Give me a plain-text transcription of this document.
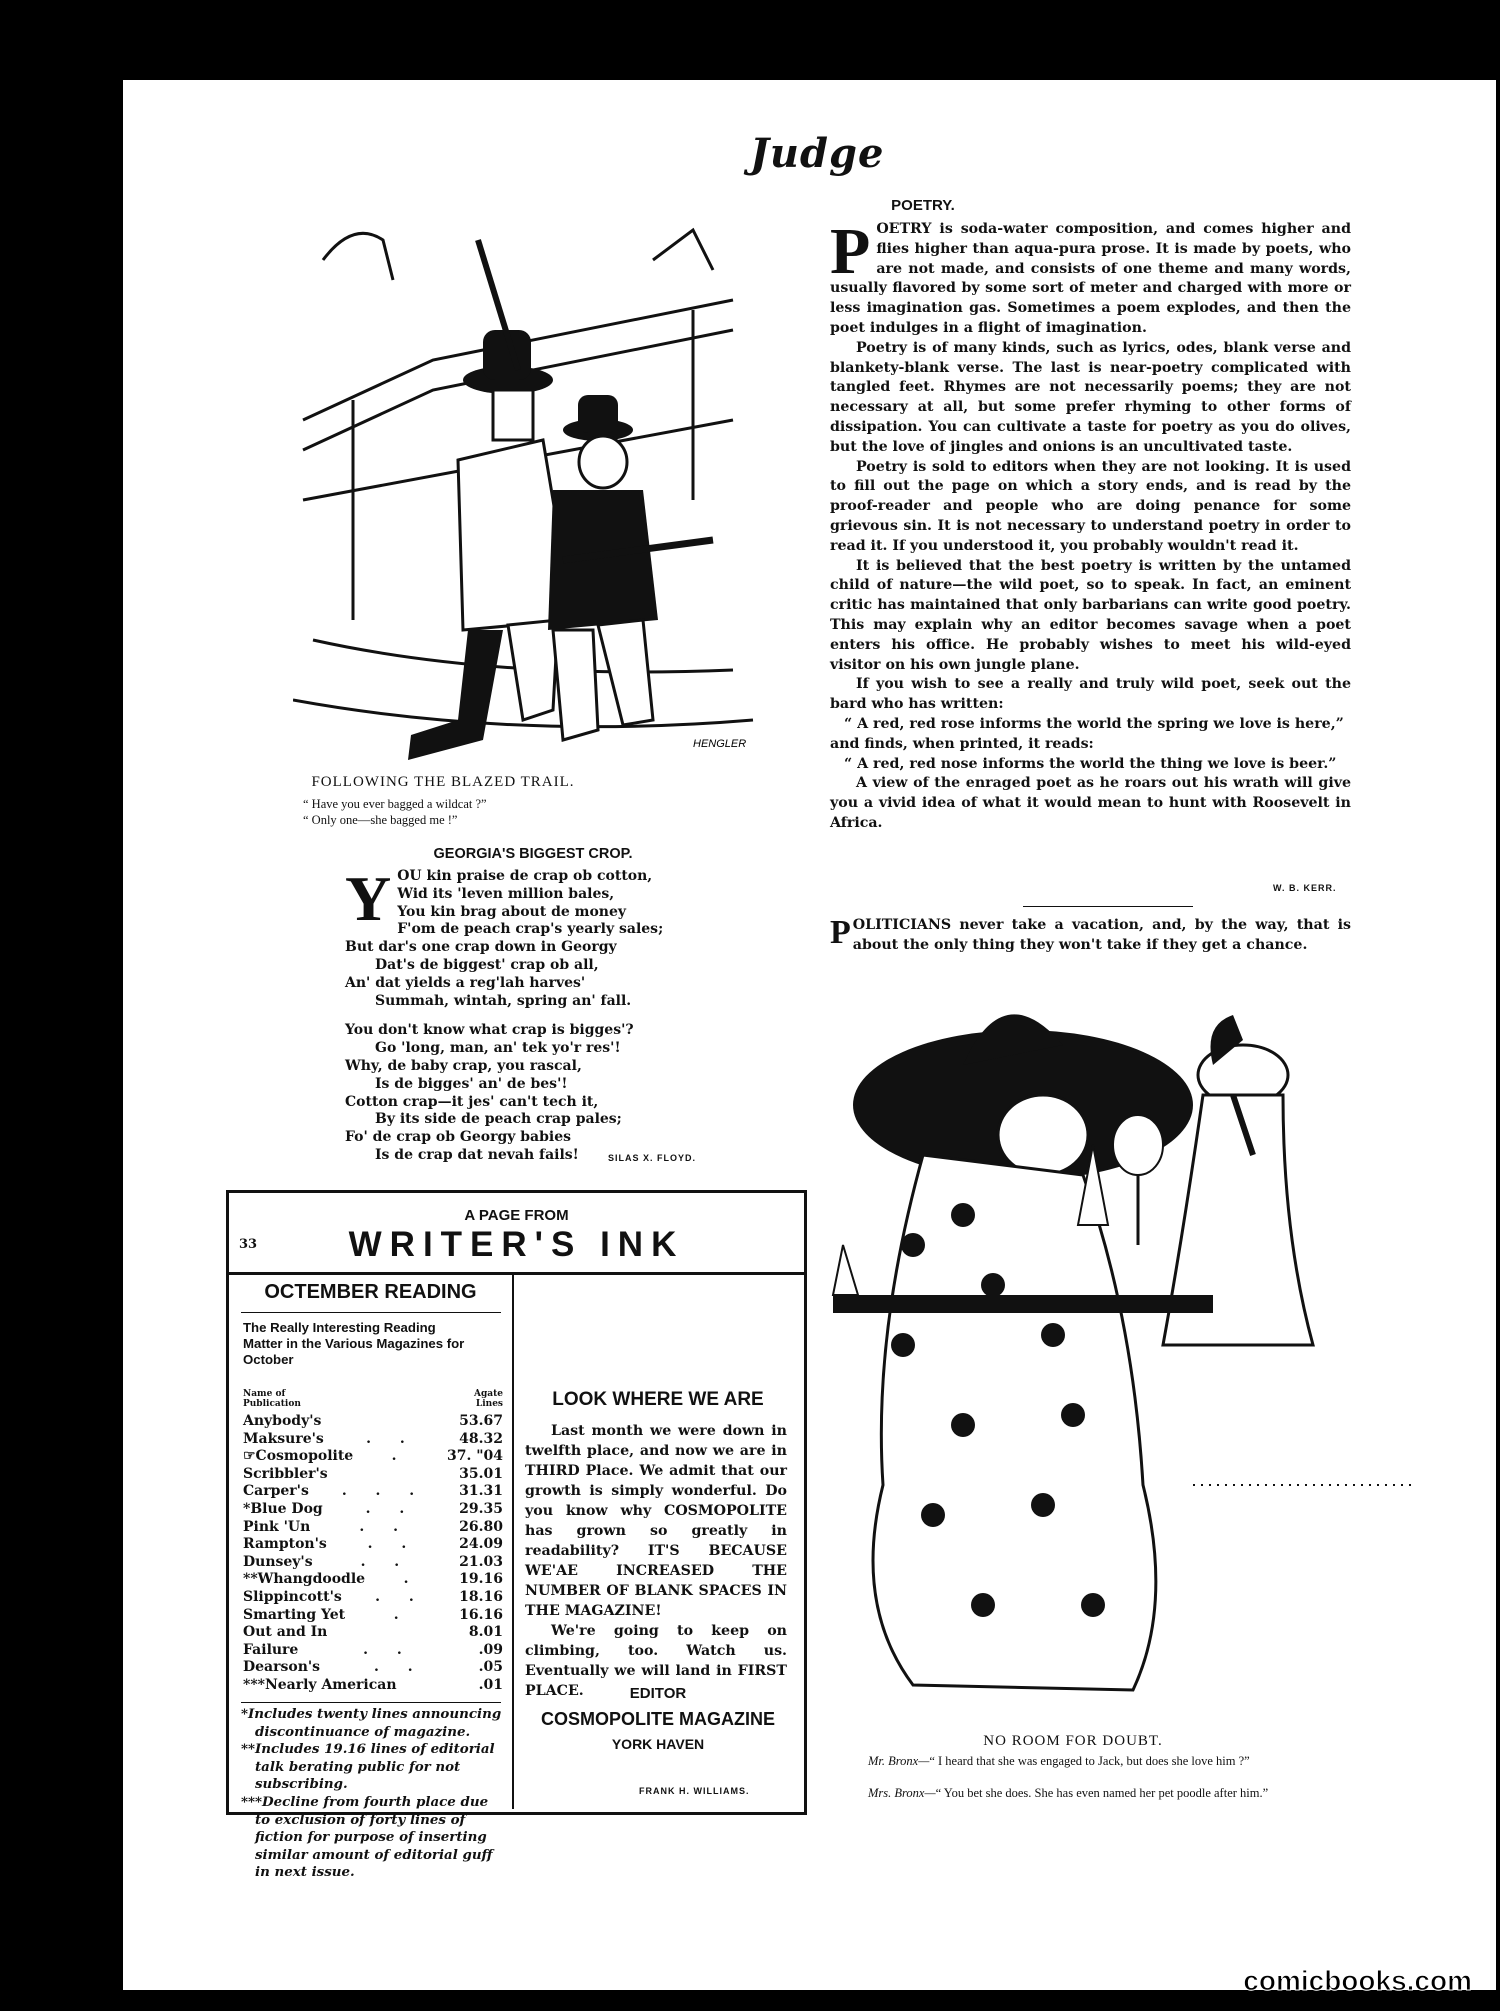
Judge
HENGLER
FOLLOWING THE BLAZED TRAIL.
“ Have you ever bagged a wildcat ?”
“ Only one—she bagged me !”
GEORGIA'S BIGGEST CROP.
Y OU kin praise de crap ob cotton,
Wid its 'leven million bales,
You kin brag about de money
F'om de peach crap's yearly sales;
But dar's one crap down in Georgy
Dat's de biggest' crap ob all,
An' dat yields a reg'lah harves'
Summah, wintah, spring an' fall.
You don't know what crap is bigges'?
Go 'long, man, an' tek yo'r res'!
Why, de baby crap, you rascal,
Is de bigges' an' de bes'!
Cotton crap—it jes' can't tech it,
By its side de peach crap pales;
Fo' de crap ob Georgy babies
Is de crap dat nevah fails!	SILAS X. FLOYD.
POETRY.

POETRY is soda-water composition, and comes higher and flies higher than aqua-pura prose. It is made by poets, who are not made, and consists of one theme and many words, usually flavored by some sort of meter and charged with more or less imagination gas. Sometimes a poem explodes, and then the poet indulges in a flight of imagination.

Poetry is of many kinds, such as lyrics, odes, blank verse and blankety-blank verse. The last is near-poetry complicated with tangled feet. Rhymes are not necessarily poems; they are not necessary at all, but some prefer rhyming to other forms of dissipation. You can cultivate a taste for poetry as you do olives, but the love of jingles and onions is an uncultivated taste.

Poetry is sold to editors when they are not looking. It is used to fill out the page on which a story ends, and is read by the proof-reader and people who are doing penance for some grievous sin. It is not necessary to understand poetry in order to read it. If you understood it, you probably wouldn't read it.

It is believed that the best poetry is written by the untamed child of nature—the wild poet, so to speak. In fact, an eminent critic has maintained that only barbarians can write good poetry. This may explain why an editor becomes savage when a poet enters his office. He probably wishes to meet his wild-eyed visitor on his own jungle plane.

If you wish to see a really and truly wild poet, seek out the bard who has written:

“ A red, red rose informs the world the spring we love is here,”

and finds, when printed, it reads:

“ A red, red nose informs the world the thing we love is beer.”

A view of the enraged poet as he roars out his wrath will give you a vivid idea of what it would mean to hunt with Roosevelt in Africa.

W. B. KERR.

POLITICIANS never take a vacation, and, by the way, that is about the only thing they won't take if they get a chance.

NO ROOM FOR DOUBT.
Mr. Bronx—“ I heard that she was engaged to Jack, but does she love him ?”
Mrs. Bronx—“ You bet she does. She has even named her pet poodle after him.”
A PAGE FROM
33	WRITER'S INK
OCTEMBER READING
The Really Interesting Reading Matter in the Various Magazines for October
Name of Publication
Agate Lines
Anybody's	53.67
Maksure's	. .	48.32
☞Cosmopolite	.	37. "04
Scribbler's	35.01
Carper's	. . .	31.31
*Blue Dog	. .	29.35
Pink 'Un	. .	26.80
Rampton's	. .	24.09
Dunsey's	. .	21.03
**Whangdoodle	.	19.16
Slippincott's	. .	18.16
Smarting Yet	.	16.16
Out and In	8.01
Failure	. .	.09
Dearson's	. .	.05
***Nearly American	.01
*Includes twenty lines announcing discontinuance of magazine.
**Includes 19.16 lines of editorial talk berating public for not subscribing.
***Decline from fourth place due to exclusion of forty lines of fiction for purpose of inserting similar amount of editorial guff in next issue.
LOOK WHERE WE ARE

Last month we were down in twelfth place, and now we are in THIRD Place. We admit that our growth is simply wonderful. Do you know why COSMOPOLITE has grown so greatly in readability? IT'S BECAUSE WE'AE INCREASED THE NUMBER OF BLANK SPACES IN THE MAGAZINE!

We're going to keep on climbing, too. Watch us. Eventually we will land in FIRST PLACE.	EDITOR
COSMOPOLITE MAGAZINE
YORK HAVEN
FRANK H. WILLIAMS.
comicbooks.com
